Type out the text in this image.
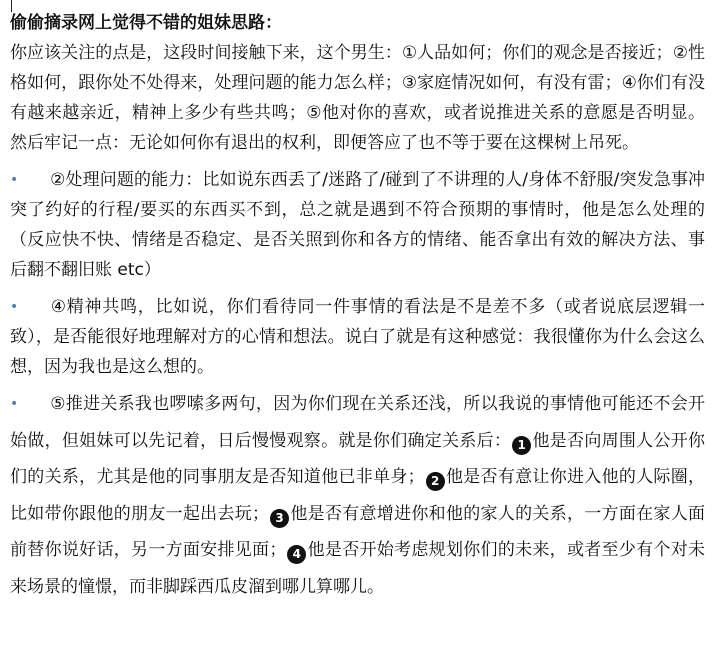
偷偷摘录网上觉得不错的姐妹思路：

你应该关注的点是，这段时间接触下来，这个男生：①人品如何；你们的观念是否接近；②性格如何，跟你处不处得来，处理问题的能力怎么样；③家庭情况如何，有没有雷；④你们有没有越来越亲近，精神上多少有些共鸣；⑤他对你的喜欢，或者说推进关系的意愿是否明显。然后牢记一点：无论如何你有退出的权利，即便答应了也不等于要在这棵树上吊死。

• ②处理问题的能力：比如说东西丢了/迷路了/碰到了不讲理的人/身体不舒服/突发急事冲突了约好的行程/要买的东西买不到，总之就是遇到不符合预期的事情时，他是怎么处理的（反应快不快、情绪是否稳定、是否关照到你和各方的情绪、能否拿出有效的解决方法、事后翻不翻旧账 etc）

• ④精神共鸣，比如说，你们看待同一件事情的看法是不是差不多（或者说底层逻辑一致），是否能很好地理解对方的心情和想法。说白了就是有这种感觉：我很懂你为什么会这么想，因为我也是这么想的。

• ⑤推进关系我也啰嗦多两句，因为你们现在关系还浅，所以我说的事情他可能还不会开始做，但姐妹可以先记着，日后慢慢观察。就是你们确定关系后： 1 他是否向周围人公开你们的关系，尤其是他的同事朋友是否知道他已非单身； 2 他是否有意让你进入他的人际圈，比如带你跟他的朋友一起出去玩； 3 他是否有意增进你和他的家人的关系，一方面在家人面前替你说好话，另一方面安排见面； 4 他是否开始考虑规划你们的未来，或者至少有个对未来场景的憧憬，而非脚踩西瓜皮溜到哪儿算哪儿。
